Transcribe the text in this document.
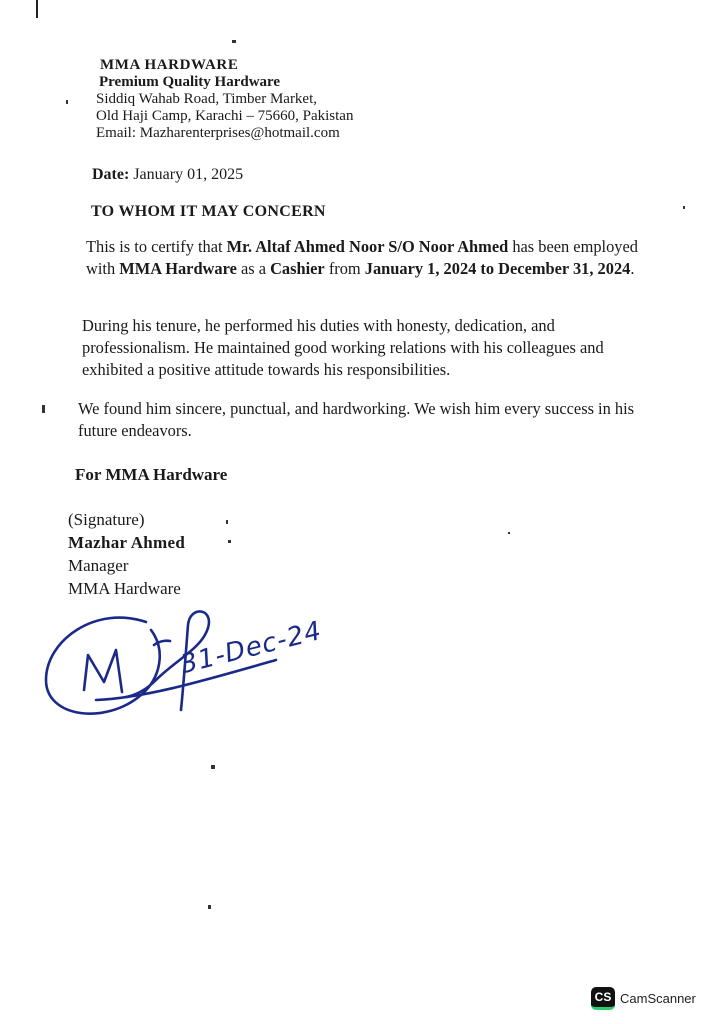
MMA HARDWARE
Premium Quality Hardware
Siddiq Wahab Road, Timber Market,
Old Haji Camp, Karachi – 75660, Pakistan
Email: Mazharenterprises@hotmail.com
Date: January 01, 2025
TO WHOM IT MAY CONCERN
This is to certify that Mr. Altaf Ahmed Noor S/O Noor Ahmed has been employed with MMA Hardware as a Cashier from January 1, 2024 to December 31, 2024.
During his tenure, he performed his duties with honesty, dedication, and professionalism. He maintained good working relations with his colleagues and exhibited a positive attitude towards his responsibilities.
We found him sincere, punctual, and hardworking. We wish him every success in his future endeavors.
For MMA Hardware
(Signature)
Mazhar Ahmed
Manager
MMA Hardware
31-Dec-24
CS CamScanner
